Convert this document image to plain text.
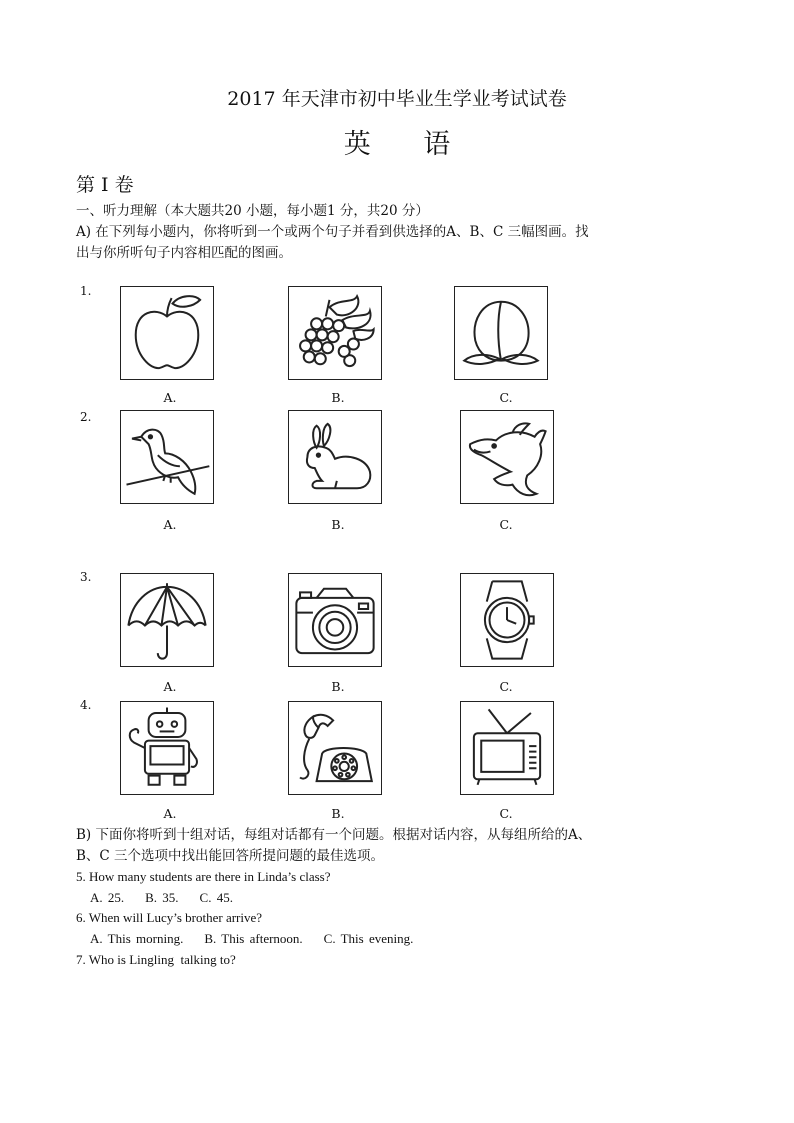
2017 年天津市初中毕业生学业考试试卷
英 语
第 Ⅰ 卷
一、听力理解（本大题共20 小题，每小题1 分，共20 分）
A) 在下列每小题内，你将听到一个或两个句子并看到供选择的A、B、C 三幅图画。找
出与你所听句子内容相匹配的图画。
1.
A.	B.	C.
2.
A.	B.	C.
3.
A.	B.	C.
4.
A.	B.	C.
B) 下面你将听到十组对话，每组对话都有一个问题。根据对话内容，从每组所给的A、
B、C 三个选项中找出能回答所提问题的最佳选项。
5. How many students are there in Linda’s class?
A. 25.    B. 35.    C. 45.
6. When will Lucy’s brother arrive?
A. This morning.    B. This afternoon.    C. This evening.
7. Who is Lingling  talking to?
